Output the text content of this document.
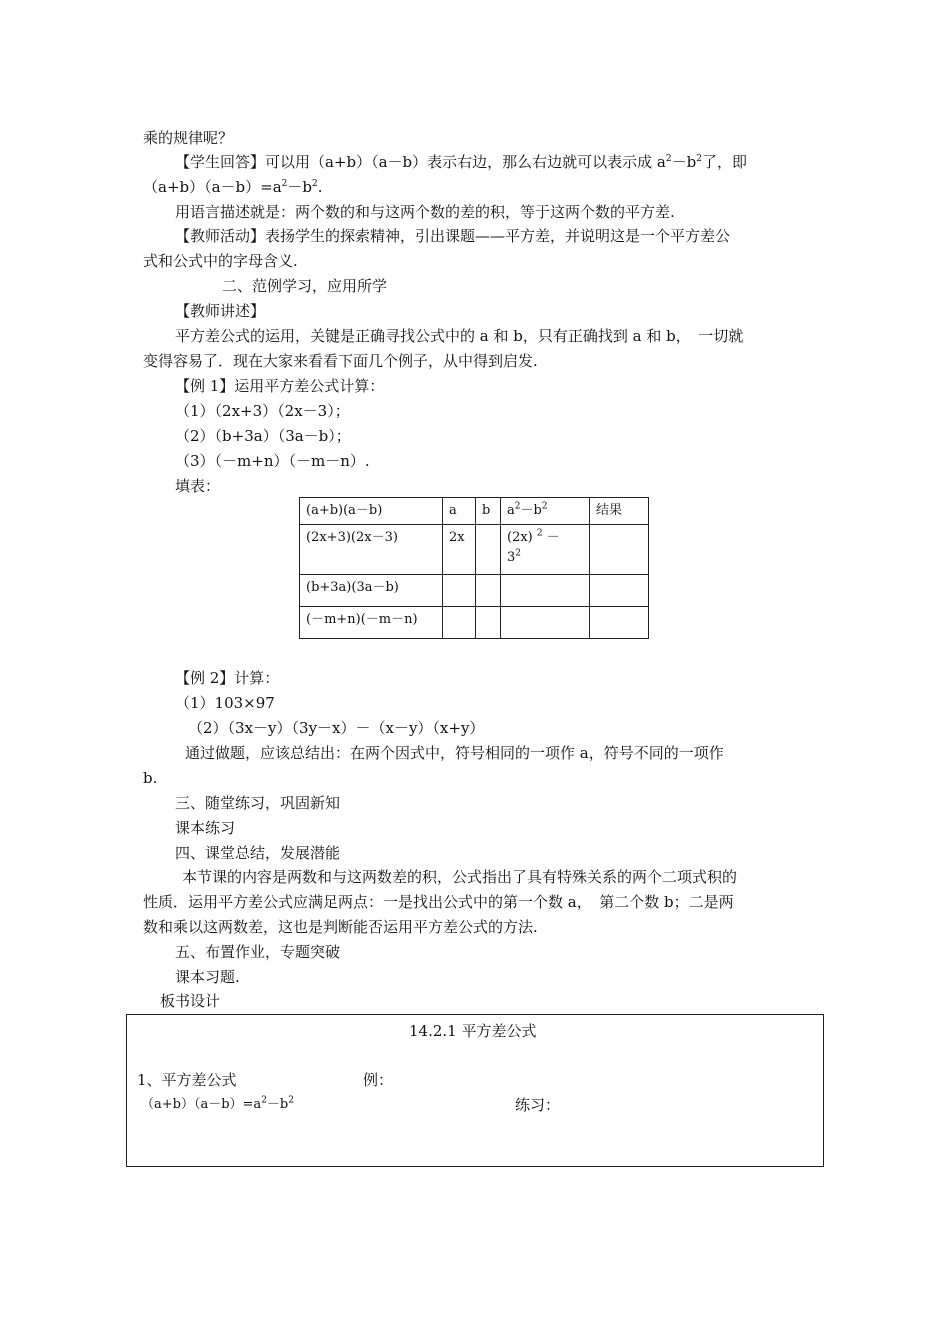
乘的规律呢？
【学生回答】可以用（a+b）（a－b）表示右边，那么右边就可以表示成 $a^2-b^2$了，即
$(a+b)(a-b)=a^2-b^2$.
用语言描述就是：两个数的和与这两个数的差的积，等于这两个数的平方差.
【教师活动】表扬学生的探索精神，引出课题——平方差，并说明这是一个平方差公
式和公式中的字母含义.
二、范例学习，应用所学
【教师讲述】
平方差公式的运用，关键是正确寻找公式中的 a 和 b，只有正确找到 a 和 b，　一切就
变得容易了．现在大家来看看下面几个例子，从中得到启发.
【例 1】运用平方差公式计算：
（1）（2x+3）（2x－3）；
（2）（b+3a）（3a－b）；
（3）（－m+n）（－m－n）.
填表：
(a+b)(a－b)	a	b	$a^2-b^2$	结果
(2x+3)(2x－3)	2x		(2x) $^2$ －
$3^2$	
(b+3a)(3a－b)				
(－m+n)(－m－n)				
【例 2】计算：
（1）103×97
（2）（3x－y）（3y－x）－（x－y）（x+y）
通过做题，应该总结出：在两个因式中，符号相同的一项作 a，符号不同的一项作
b.
三、随堂练习，巩固新知
课本练习
四、课堂总结，发展潜能
本节课的内容是两数和与这两数差的积，公式指出了具有特殊关系的两个二项式积的
性质．运用平方差公式应满足两点：一是找出公式中的第一个数 a，　第二个数 b；二是两
数和乘以这两数差，这也是判断能否运用平方差公式的方法.
五、布置作业，专题突破
课本习题.
板书设计
14.2.1 平方差公式
1、平方差公式	例：
$(a+b)(a-b)=a^2-b^2$	练习：
